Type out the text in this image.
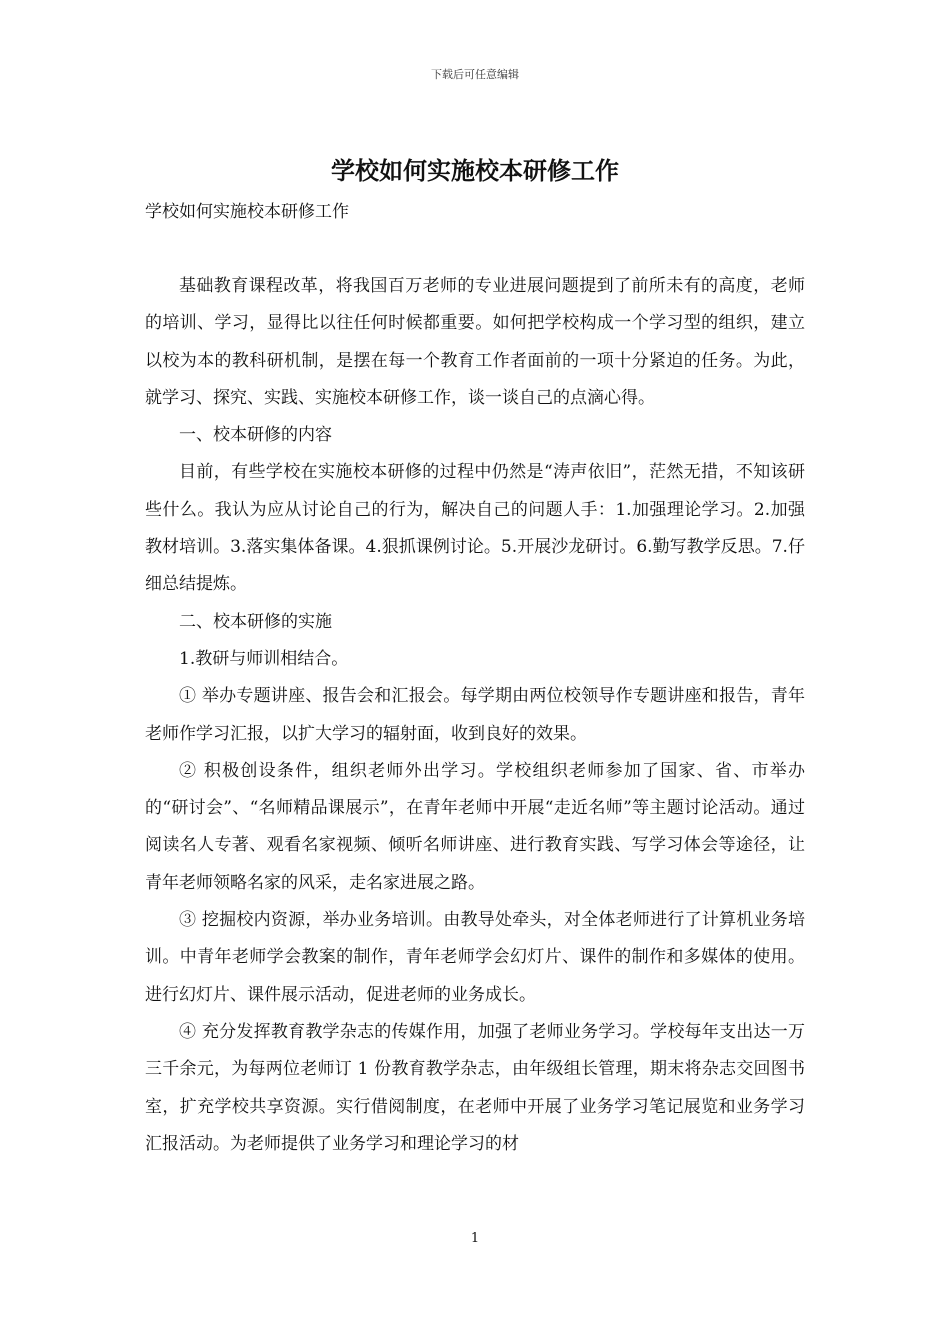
下载后可任意编辑
学校如何实施校本研修工作
学校如何实施校本研修工作

基础教育课程改革，将我国百万老师的专业进展问题提到了前所未有的高度，老师的培训、学习，显得比以往任何时候都重要。如何把学校构成一个学习型的组织，建立以校为本的教科研机制，是摆在每一个教育工作者面前的一项十分紧迫的任务。为此，就学习、探究、实践、实施校本研修工作，谈一谈自己的点滴心得。

一、校本研修的内容

目前，有些学校在实施校本研修的过程中仍然是“涛声依旧”，茫然无措，不知该研些什么。我认为应从讨论自己的行为，解决自己的问题人手：1.加强理论学习。2.加强教材培训。3.落实集体备课。4.狠抓课例讨论。5.开展沙龙研讨。6.勤写教学反思。7.仔细总结提炼。

二、校本研修的实施

1.教研与师训相结合。

① 举办专题讲座、报告会和汇报会。每学期由两位校领导作专题讲座和报告，青年老师作学习汇报，以扩大学习的辐射面，收到良好的效果。

② 积极创设条件，组织老师外出学习。学校组织老师参加了国家、省、市举办的“研讨会”、“名师精品课展示”，在青年老师中开展“走近名师”等主题讨论活动。通过阅读名人专著、观看名家视频、倾听名师讲座、进行教育实践、写学习体会等途径，让青年老师领略名家的风采，走名家进展之路。

③ 挖掘校内资源，举办业务培训。由教导处牵头，对全体老师进行了计算机业务培训。中青年老师学会教案的制作，青年老师学会幻灯片、课件的制作和多媒体的使用。进行幻灯片、课件展示活动，促进老师的业务成长。

④ 充分发挥教育教学杂志的传媒作用，加强了老师业务学习。学校每年支出达一万三千余元，为每两位老师订 1 份教育教学杂志，由年级组长管理，期末将杂志交回图书室，扩充学校共享资源。实行借阅制度，在老师中开展了业务学习笔记展览和业务学习汇报活动。为老师提供了业务学习和理论学习的材

1
